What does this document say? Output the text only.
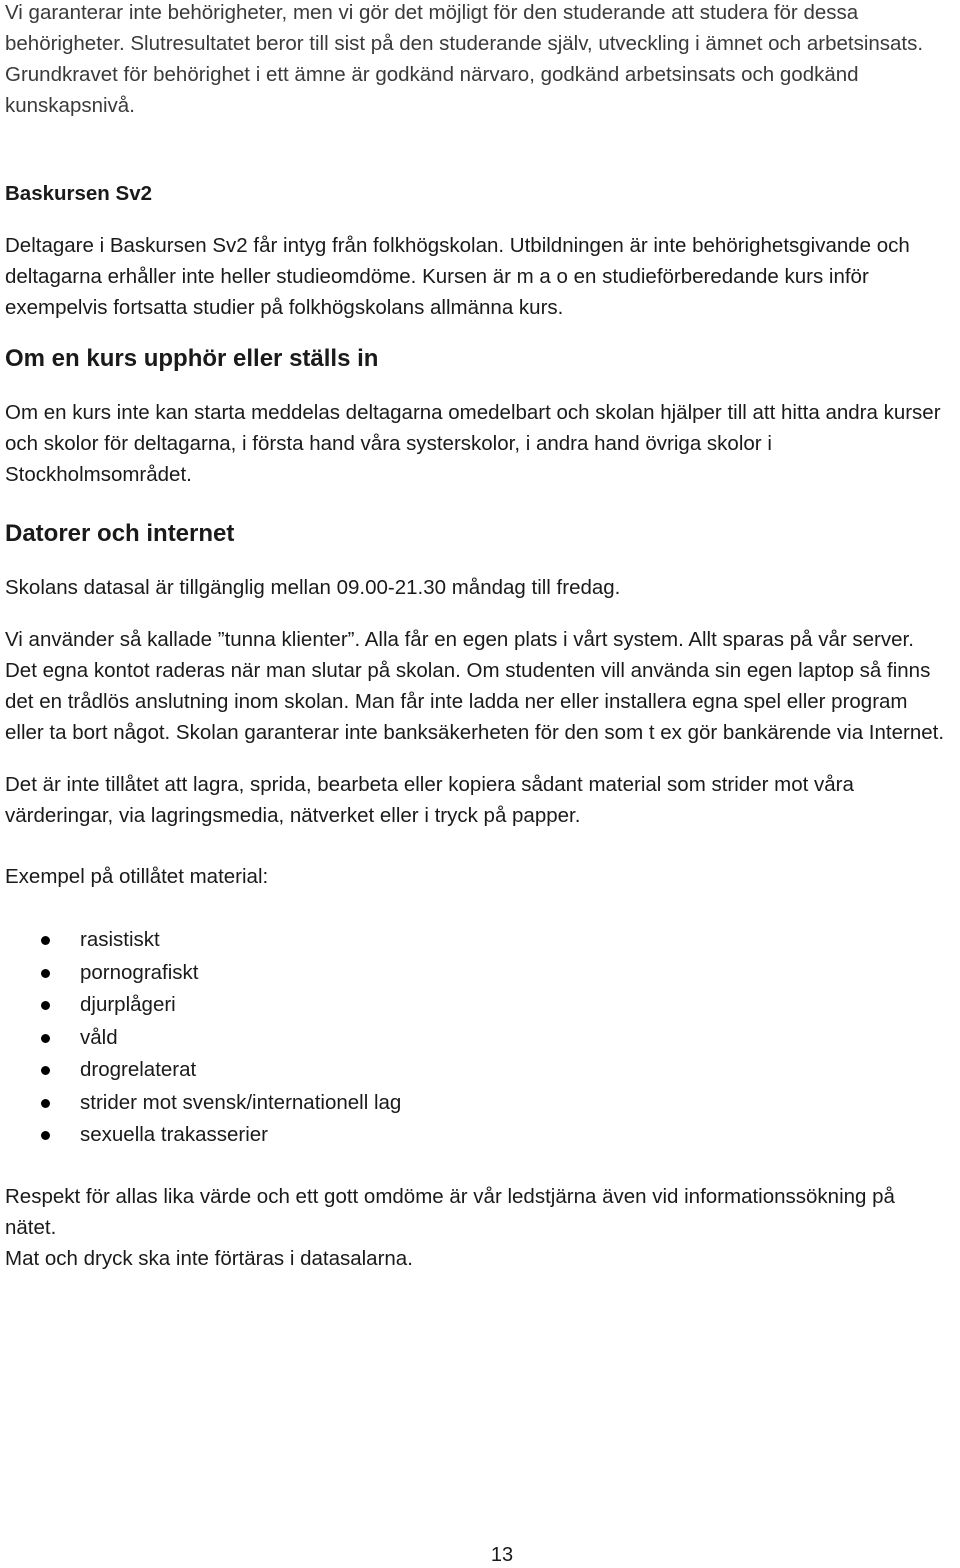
Vi garanterar inte behörigheter, men vi gör det möjligt för den studerande att studera för dessa behörigheter. Slutresultatet beror till sist på den studerande själv, utveckling i ämnet och arbetsinsats. Grundkravet för behörighet i ett ämne är godkänd närvaro, godkänd arbetsinsats och godkänd kunskapsnivå.

Baskursen Sv2

Deltagare i Baskursen Sv2 får intyg från folkhögskolan. Utbildningen är inte behörighetsgivande och deltagarna erhåller inte heller studieomdöme. Kursen är m a o en studieförberedande kurs inför exempelvis fortsatta studier på folkhögskolans allmänna kurs.

Om en kurs upphör eller ställs in

Om en kurs inte kan starta meddelas deltagarna omedelbart och skolan hjälper till att hitta andra kurser och skolor för deltagarna, i första hand våra systerskolor, i andra hand övriga skolor i Stockholmsområdet.

Datorer och internet

Skolans datasal är tillgänglig mellan 09.00-21.30 måndag till fredag.

Vi använder så kallade ”tunna klienter”. Alla får en egen plats i vårt system. Allt sparas på vår server. Det egna kontot raderas när man slutar på skolan. Om studenten vill använda sin egen laptop så finns det en trådlös anslutning inom skolan. Man får inte ladda ner eller installera egna spel eller program eller ta bort något. Skolan garanterar inte banksäkerheten för den som t ex gör bankärende via Internet.

Det är inte tillåtet att lagra, sprida, bearbeta eller kopiera sådant material som strider mot våra värderingar, via lagringsmedia, nätverket eller i tryck på papper.

Exempel på otillåtet material:

rasistiskt
pornografiskt
djurplågeri
våld
drogrelaterat
strider mot svensk/internationell lag
sexuella trakasserier

Respekt för allas lika värde och ett gott omdöme är vår ledstjärna även vid informationssökning på nätet.

Mat och dryck ska inte förtäras i datasalarna.

13
